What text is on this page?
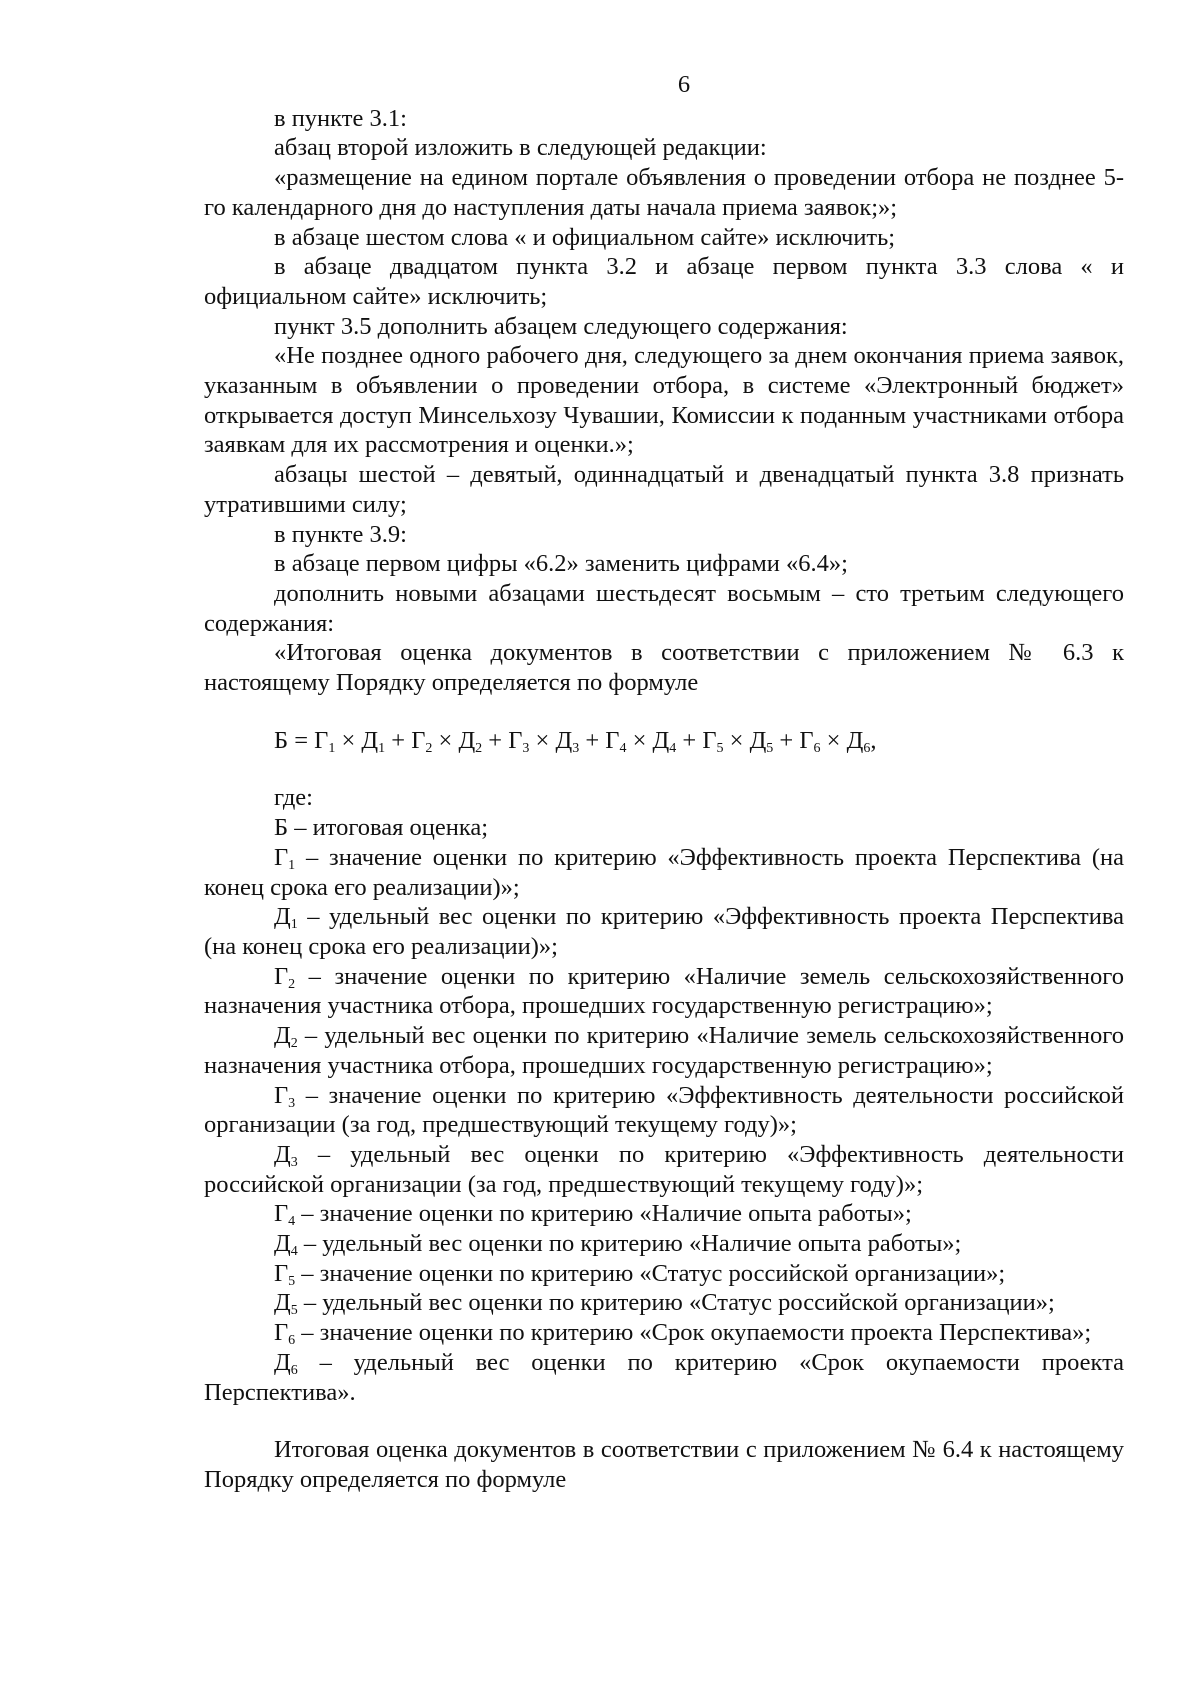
6

в пункте 3.1:

абзац второй изложить в следующей редакции:

«размещение на едином портале объявления о проведении отбора не позднее 5-го календарного дня до наступления даты начала приема заявок;»;

в абзаце шестом слова « и официальном сайте» исключить;

в абзаце двадцатом пункта 3.2 и абзаце первом пункта 3.3 слова « и официальном сайте» исключить;

пункт 3.5 дополнить абзацем следующего содержания:

«Не позднее одного рабочего дня, следующего за днем окончания приема заявок, указанным в объявлении о проведении отбора, в системе «Электронный бюджет» открывается доступ Минсельхозу Чувашии, Комиссии к поданным участниками отбора заявкам для их рассмотрения и оценки.»;

абзацы шестой – девятый, одиннадцатый и двенадцатый пункта 3.8 признать утратившими силу;

в пункте 3.9:

в абзаце первом цифры «6.2» заменить цифрами «6.4»;

дополнить новыми абзацами шестьдесят восьмым – сто третьим следующего содержания:

«Итоговая оценка документов в соответствии с приложением № 6.3 к настоящему Порядку определяется по формуле

$Б = Г_1 \times Д_1 + Г_2 \times Д_2 + Г_3 \times Д_3 + Г_4 \times Д_4 + Г_5 \times Д_5 + Г_6 \times Д_6$,

где:

Б – итоговая оценка;

$Г_1$ – значение оценки по критерию «Эффективность проекта Перспектива (на конец срока его реализации)»;

$Д_1$ – удельный вес оценки по критерию «Эффективность проекта Перспектива (на конец срока его реализации)»;

$Г_2$ – значение оценки по критерию «Наличие земель сельскохозяйственного назначения участника отбора, прошедших государственную регистрацию»;

$Д_2$ – удельный вес оценки по критерию «Наличие земель сельскохозяйственного назначения участника отбора, прошедших государственную регистрацию»;

$Г_3$ – значение оценки по критерию «Эффективность деятельности российской организации (за год, предшествующий текущему году)»;

$Д_3$ – удельный вес оценки по критерию «Эффективность деятельности российской организации (за год, предшествующий текущему году)»;

$Г_4$ – значение оценки по критерию «Наличие опыта работы»;

$Д_4$ – удельный вес оценки по критерию «Наличие опыта работы»;

$Г_5$ – значение оценки по критерию «Статус российской организации»;

$Д_5$ – удельный вес оценки по критерию «Статус российской организации»;

$Г_6$ – значение оценки по критерию «Срок окупаемости проекта Перспектива»;

$Д_6$ – удельный вес оценки по критерию «Срок окупаемости проекта Перспектива».

Итоговая оценка документов в соответствии с приложением № 6.4 к настоящему Порядку определяется по формуле
